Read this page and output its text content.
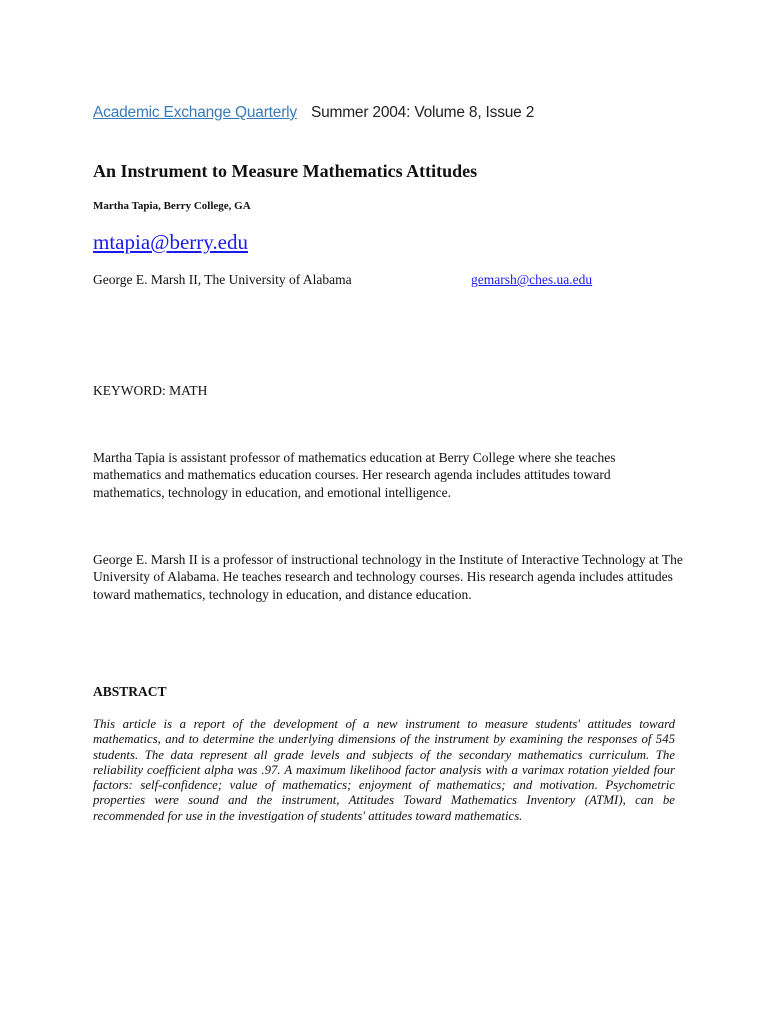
Academic Exchange Quarterly Summer 2004: Volume 8, Issue 2
An Instrument to Measure Mathematics Attitudes
Martha Tapia, Berry College, GA
mtapia@berry.edu
George E. Marsh II, The University of Alabama	gemarsh@ches.ua.edu
KEYWORD: MATH

Martha Tapia is assistant professor of mathematics education at Berry College where she teaches mathematics and mathematics education courses. Her research agenda includes attitudes toward mathematics, technology in education, and emotional intelligence.

George E. Marsh II is a professor of instructional technology in the Institute of Interactive Technology at The University of Alabama. He teaches research and technology courses. His research agenda includes attitudes toward mathematics, technology in education, and distance education.

ABSTRACT

This article is a report of the development of a new instrument to measure students' attitudes toward mathematics, and to determine the underlying dimensions of the instrument by examining the responses of 545 students. The data represent all grade levels and subjects of the secondary mathematics curriculum. The reliability coefficient alpha was .97. A maximum likelihood factor analysis with a varimax rotation yielded four factors: self-confidence; value of mathematics; enjoyment of mathematics; and motivation. Psychometric properties were sound and the instrument, Attitudes Toward Mathematics Inventory (ATMI), can be recommended for use in the investigation of students' attitudes toward mathematics.
